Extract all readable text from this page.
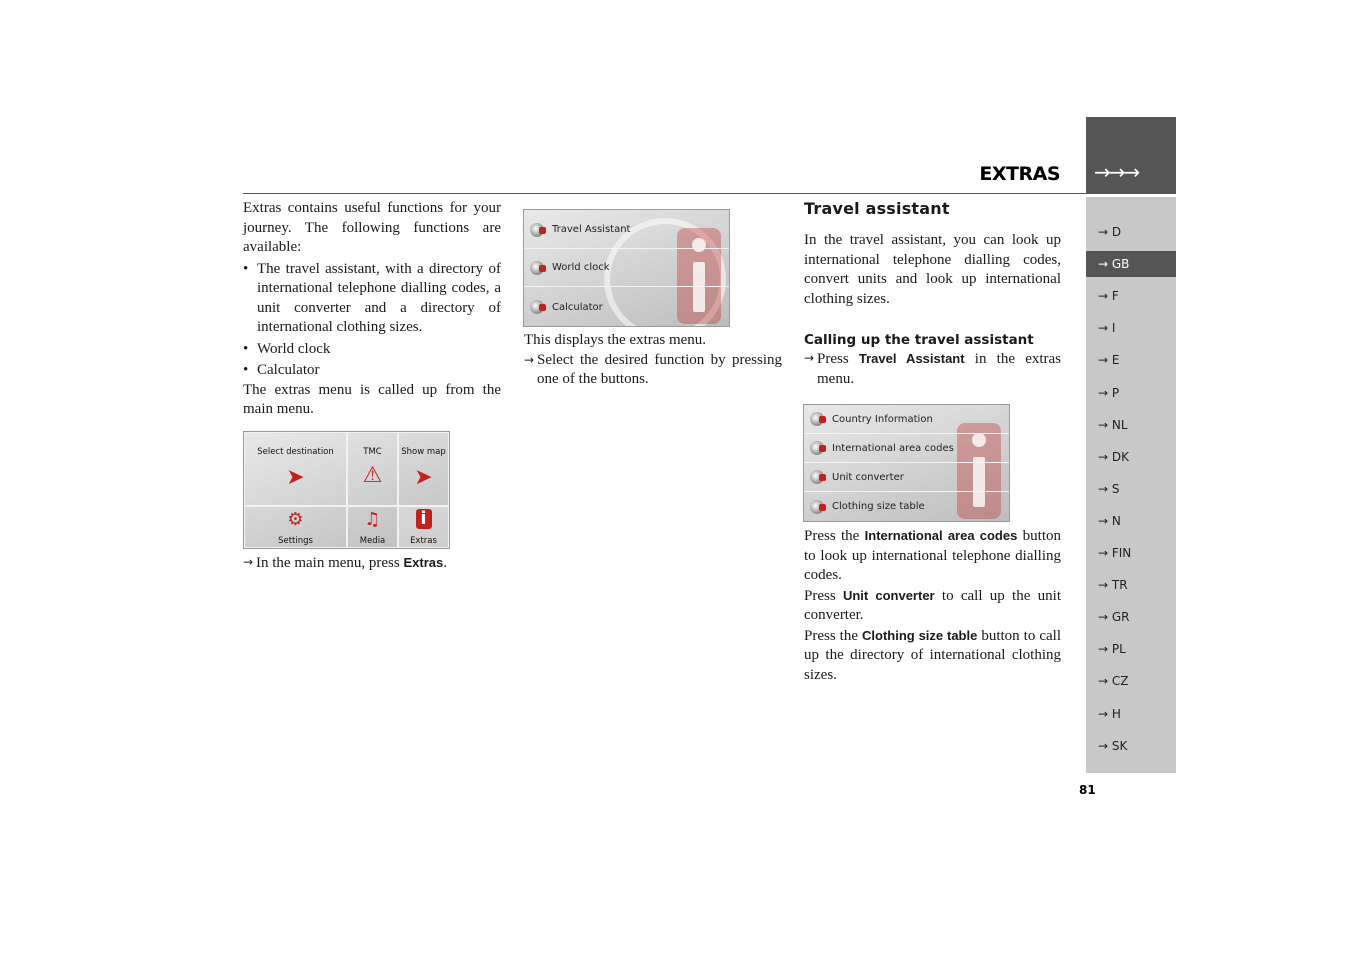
EXTRAS →→→
→ D
→ GB
→ F
→ I
→ E
→ P
→ NL
→ DK
→ S
→ N
→ FIN
→ TR
→ GR
→ PL
→ CZ
→ H
→ SK
81

Extras contains useful functions for your journey. The following functions are available:

• The travel assistant, with a directory of international telephone dialling codes, a unit converter and a directory of international clothing sizes.
• World clock
• Calculator

The extras menu is called up from the main menu.

Select destination
➤
TMC
⚠
Show map
➤
⚙
Settings
♫
Media
i
Extras
→ In the main menu, press Extras.
Travel Assistant
World clock
Calculator

This displays the extras menu.

→ Select the desired function by pressing one of the buttons.
Travel assistant

In the travel assistant, you can look up international telephone dialling codes, convert units and look up international clothing sizes.

Calling up the travel assistant
→ Press Travel Assistant in the extras menu.
Country Information
International area codes
Unit converter
Clothing size table

Press the International area codes button to look up international telephone dialling codes.

Press Unit converter to call up the unit converter.

Press the Clothing size table button to call up the directory of international clothing sizes.
